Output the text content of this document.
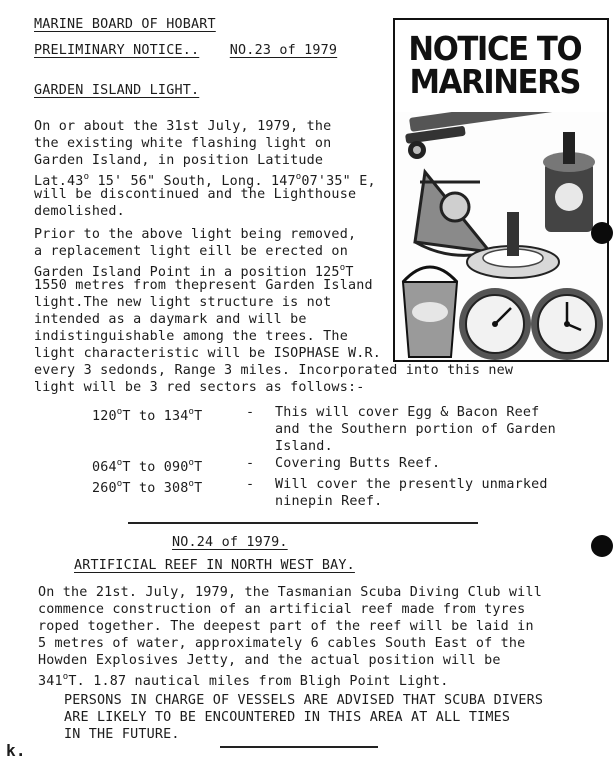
MARINE BOARD OF HOBART
PRELIMINARY NOTICE.. NO.23 of 1979 NOTICE TO
MARINERS
GARDEN ISLAND LIGHT.
On or about the 31st July, 1979, the
the existing white flashing light on
Garden Island, in position Latitude
Lat.43$^o$ 15' 56" South, Long. 147$^o$07'35" E,
will be discontinued and the Lighthouse
demolished.
Prior to the above light being removed,
a replacement light eill be erected on
Garden Island Point in a position 125$^o$T
1550 metres from thepresent Garden Island
light.The new light structure is not
intended as a daymark and will be
indistinguishable among the trees. The
light characteristic will be ISOPHASE W.R.
every 3 sedonds, Range 3 miles. Incorporated into this new
light will be 3 red sectors as follows:-
120$^o$T to 134$^o$T	- This will cover Egg & Bacon Reef
and the Southern portion of Garden
Island.
064$^o$T to 090$^o$T	- Covering Butts Reef.
260$^o$T to 308$^o$T	- Will cover the presently unmarked
ninepin Reef.
NO.24 of 1979.
ARTIFICIAL REEF IN NORTH WEST BAY.
On the 21st. July, 1979, the Tasmanian Scuba Diving Club will
commence construction of an artificial reef made from tyres
roped together. The deepest part of the reef will be laid in
5 metres of water, approximately 6 cables South East of the
Howden Explosives Jetty, and the actual position will be
341$^o$T. 1.87 nautical miles from Bligh Point Light.
PERSONS IN CHARGE OF VESSELS ARE ADVISED THAT SCUBA DIVERS
ARE LIKELY TO BE ENCOUNTERED IN THIS AREA AT ALL TIMES
IN THE FUTURE.
k.
